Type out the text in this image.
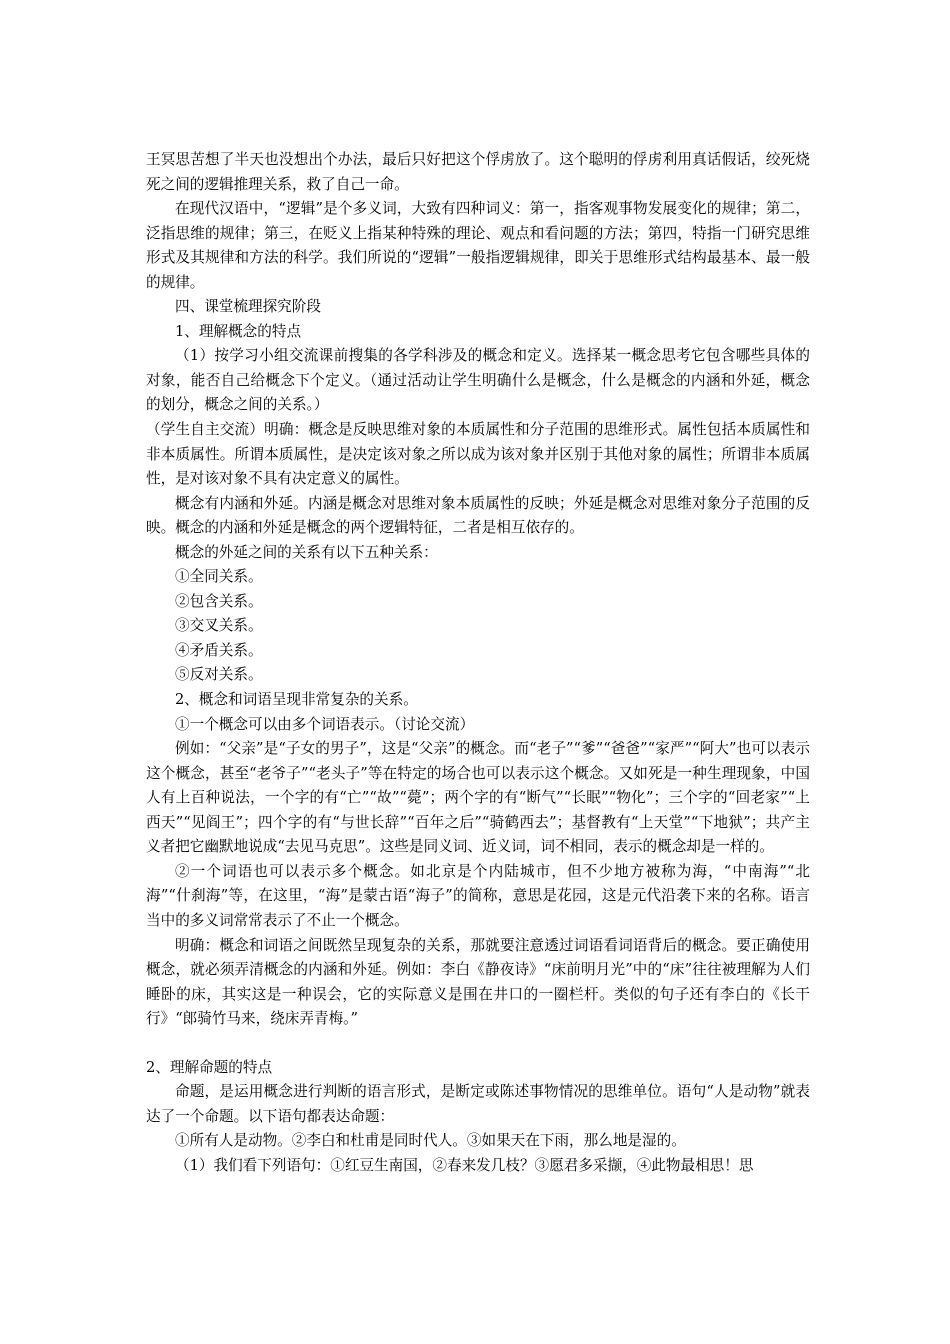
王冥思苦想了半天也没想出个办法，最后只好把这个俘虏放了。这个聪明的俘虏利用真话假话，绞死烧死之间的逻辑推理关系，救了自己一命。

在现代汉语中，“逻辑”是个多义词，大致有四种词义：第一，指客观事物发展变化的规律；第二，泛指思维的规律；第三，在贬义上指某种特殊的理论、观点和看问题的方法；第四，特指一门研究思维形式及其规律和方法的科学。我们所说的“逻辑”一般指逻辑规律，即关于思维形式结构最基本、最一般的规律。

四、课堂梳理探究阶段

1、理解概念的特点

（1）按学习小组交流课前搜集的各学科涉及的概念和定义。选择某一概念思考它包含哪些具体的对象，能否自己给概念下个定义。（通过活动让学生明确什么是概念，什么是概念的内涵和外延，概念的划分，概念之间的关系。）

（学生自主交流）明确：概念是反映思维对象的本质属性和分子范围的思维形式。属性包括本质属性和非本质属性。所谓本质属性，是决定该对象之所以成为该对象并区别于其他对象的属性；所谓非本质属性，是对该对象不具有决定意义的属性。

概念有内涵和外延。内涵是概念对思维对象本质属性的反映；外延是概念对思维对象分子范围的反映。概念的内涵和外延是概念的两个逻辑特征，二者是相互依存的。

概念的外延之间的关系有以下五种关系：

①全同关系。

②包含关系。

③交叉关系。

④矛盾关系。

⑤反对关系。

2、概念和词语呈现非常复杂的关系。

①一个概念可以由多个词语表示。（讨论交流）

例如：“父亲”是“子女的男子”，这是“父亲”的概念。而“老子”“爹”“爸爸”“家严”“阿大”也可以表示这个概念，甚至“老爷子”“老头子”等在特定的场合也可以表示这个概念。又如死是一种生理现象，中国人有上百种说法，一个字的有“亡”“故”“薨”；两个字的有“断气”“长眠”“物化”；三个字的“回老家”“上西天”“见阎王”；四个字的有“与世长辞”“百年之后”“骑鹤西去”；基督教有“上天堂”“下地狱”；共产主义者把它幽默地说成“去见马克思”。这些是同义词、近义词，词不相同，表示的概念却是一样的。

②一个词语也可以表示多个概念。如北京是个内陆城市，但不少地方被称为海，“中南海”“北海”“什刹海”等，在这里，“海”是蒙古语“海子”的简称，意思是花园，这是元代沿袭下来的名称。语言当中的多义词常常表示了不止一个概念。

明确：概念和词语之间既然呈现复杂的关系，那就要注意透过词语看词语背后的概念。要正确使用概念，就必须弄清概念的内涵和外延。例如：李白《静夜诗》“床前明月光”中的“床”往往被理解为人们睡卧的床，其实这是一种误会，它的实际意义是围在井口的一圈栏杆。类似的句子还有李白的《长干行》“郎骑竹马来，绕床弄青梅。”

2、理解命题的特点

命题，是运用概念进行判断的语言形式，是断定或陈述事物情况的思维单位。语句“人是动物”就表达了一个命题。以下语句都表达命题：

①所有人是动物。②李白和杜甫是同时代人。③如果天在下雨，那么地是湿的。

（1）我们看下列语句：①红豆生南国，②春来发几枝？③愿君多采撷，④此物最相思！思
